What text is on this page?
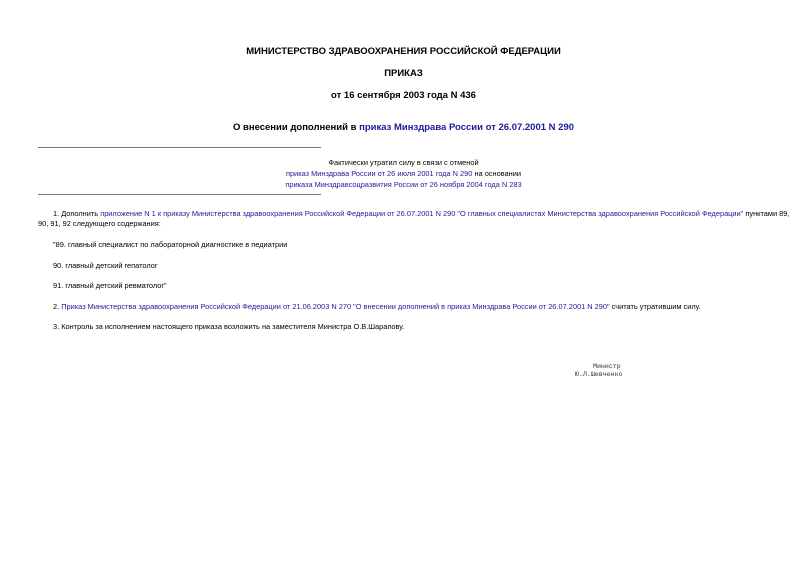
МИНИСТЕРСТВО ЗДРАВООХРАНЕНИЯ РОССИЙСКОЙ ФЕДЕРАЦИИ
ПРИКАЗ
от 16 сентября 2003 года N 436
О внесении дополнений в приказ Минздрава России от 26.07.2001 N 290
Фактически утратил силу в связи с отменой
приказ Минздрава России от 26 июля 2001 года N 290 на основании
приказа Минздравсоцразвития России от 26 ноября 2004 года N 283
1. Дополнить приложение N 1 к приказу Министерства здравоохранения Российской Федерации от 26.07.2001 N 290 "О главных специалистах Министерства здравоохранения Российской Федерации" пунктами 89,
90, 91, 92 следующего содержания:
"89. главный специалист по лабораторной диагностике в педиатрии
90. главный детский гепатолог
91. главный детский ревматолог"
2. Приказ Министерства здравоохранения Российской Федерации от 21.06.2003 N 270 "О внесении дополнений в приказ Минздрава России от 26.07.2001 N 290" считать утратившим силу.
3. Контроль за исполнением настоящего приказа возложить на заместителя Министра О.В.Шарапову.
Министр
Ю.Л.Шевченко
